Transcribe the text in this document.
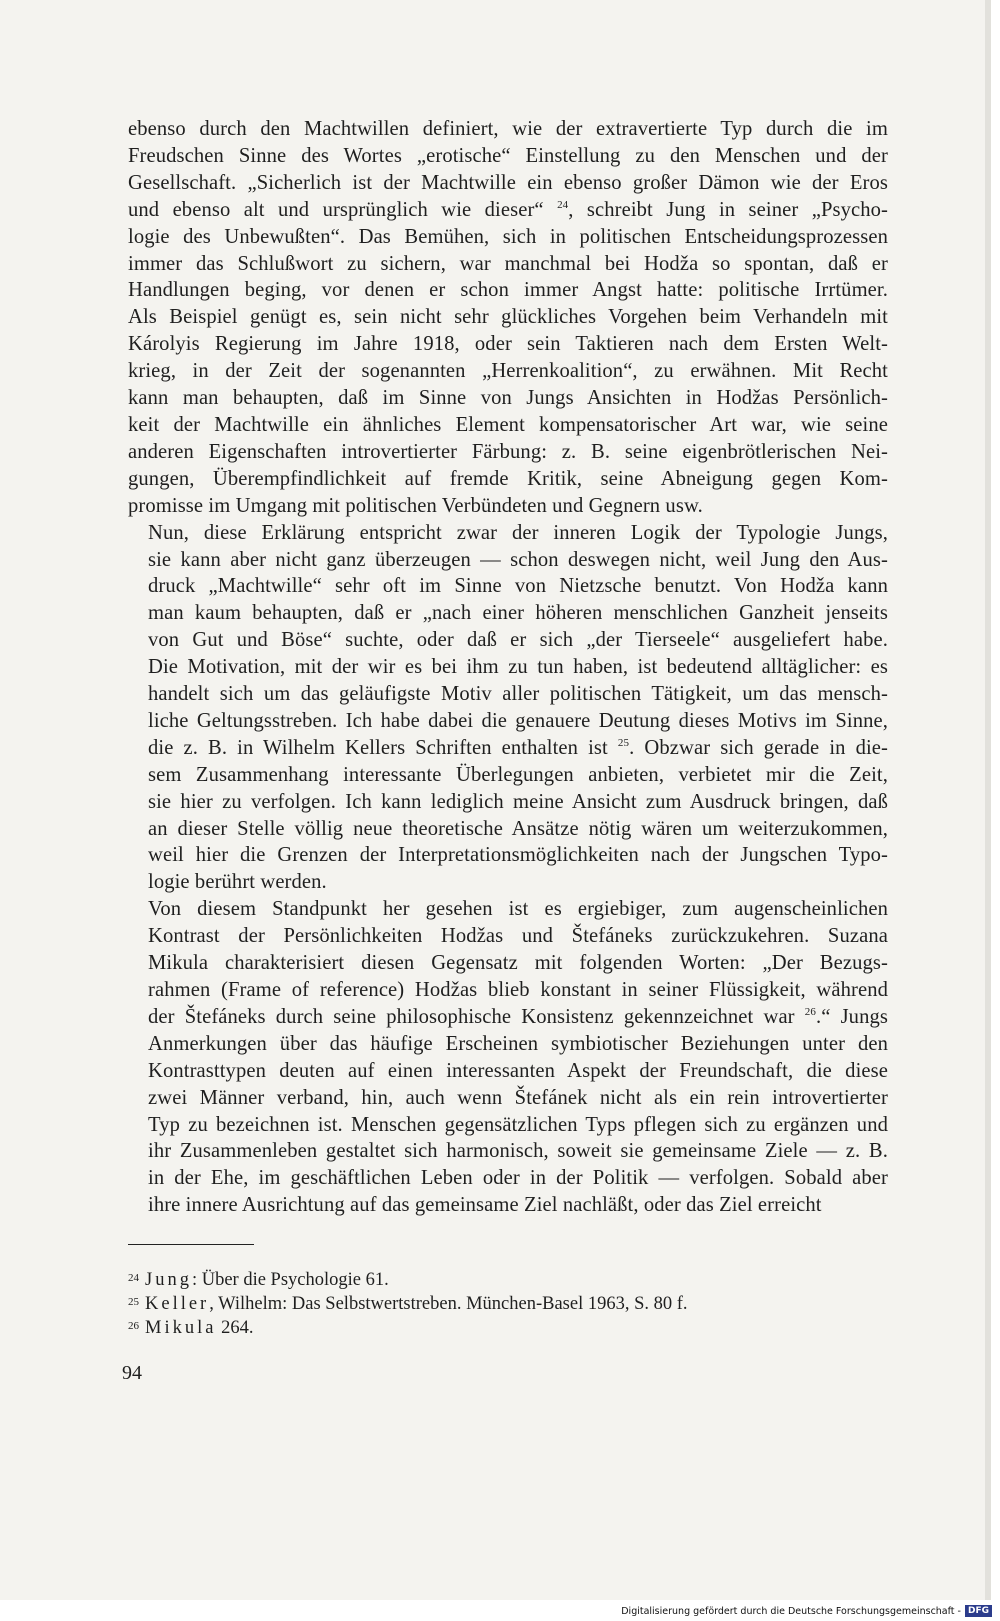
ebenso durch den Machtwillen definiert, wie der extravertierte Typ durch die im
Freudschen Sinne des Wortes „erotische“ Einstellung zu den Menschen und der
Gesellschaft. „Sicherlich ist der Machtwille ein ebenso großer Dämon wie der Eros
und ebenso alt und ursprünglich wie dieser“ $^{24}$, schreibt Jung in seiner „Psycho-
logie des Unbewußten“. Das Bemühen, sich in politischen Entscheidungsprozessen
immer das Schlußwort zu sichern, war manchmal bei Hodža so spontan, daß er
Handlungen beging, vor denen er schon immer Angst hatte: politische Irrtümer.
Als Beispiel genügt es, sein nicht sehr glückliches Vorgehen beim Verhandeln mit
Károlyis Regierung im Jahre 1918, oder sein Taktieren nach dem Ersten Welt-
krieg, in der Zeit der sogenannten „Herrenkoalition“, zu erwähnen. Mit Recht
kann man behaupten, daß im Sinne von Jungs Ansichten in Hodžas Persönlich-
keit der Machtwille ein ähnliches Element kompensatorischer Art war, wie seine
anderen Eigenschaften introvertierter Färbung: z. B. seine eigenbrötlerischen Nei-
gungen, Überempfindlichkeit auf fremde Kritik, seine Abneigung gegen Kom-
promisse im Umgang mit politischen Verbündeten und Gegnern usw.

Nun, diese Erklärung entspricht zwar der inneren Logik der Typologie Jungs,
sie kann aber nicht ganz überzeugen — schon deswegen nicht, weil Jung den Aus-
druck „Machtwille“ sehr oft im Sinne von Nietzsche benutzt. Von Hodža kann
man kaum behaupten, daß er „nach einer höheren menschlichen Ganzheit jenseits
von Gut und Böse“ suchte, oder daß er sich „der Tierseele“ ausgeliefert habe.
Die Motivation, mit der wir es bei ihm zu tun haben, ist bedeutend alltäglicher: es
handelt sich um das geläufigste Motiv aller politischen Tätigkeit, um das mensch-
liche Geltungsstreben. Ich habe dabei die genauere Deutung dieses Motivs im Sinne,
die z. B. in Wilhelm Kellers Schriften enthalten ist $^{25}$. Obzwar sich gerade in die-
sem Zusammenhang interessante Überlegungen anbieten, verbietet mir die Zeit,
sie hier zu verfolgen. Ich kann lediglich meine Ansicht zum Ausdruck bringen, daß
an dieser Stelle völlig neue theoretische Ansätze nötig wären um weiterzukommen,
weil hier die Grenzen der Interpretationsmöglichkeiten nach der Jungschen Typo-
logie berührt werden.

Von diesem Standpunkt her gesehen ist es ergiebiger, zum augenscheinlichen
Kontrast der Persönlichkeiten Hodžas und Štefáneks zurückzukehren. Suzana
Mikula charakterisiert diesen Gegensatz mit folgenden Worten: „Der Bezugs-
rahmen (Frame of reference) Hodžas blieb konstant in seiner Flüssigkeit, während
der Štefáneks durch seine philosophische Konsistenz gekennzeichnet war $^{26}$.“ Jungs
Anmerkungen über das häufige Erscheinen symbiotischer Beziehungen unter den
Kontrasttypen deuten auf einen interessanten Aspekt der Freundschaft, die diese
zwei Männer verband, hin, auch wenn Štefánek nicht als ein rein introvertierter
Typ zu bezeichnen ist. Menschen gegensätzlichen Typs pflegen sich zu ergänzen und
ihr Zusammenleben gestaltet sich harmonisch, soweit sie gemeinsame Ziele — z. B.
in der Ehe, im geschäftlichen Leben oder in der Politik — verfolgen. Sobald aber
ihre innere Ausrichtung auf das gemeinsame Ziel nachläßt, oder das Ziel erreicht

$^{24}$ Jung: Über die Psychologie 61.
$^{25}$ Keller, Wilhelm: Das Selbstwertstreben. München-Basel 1963, S. 80 f.
$^{26}$ Mikula 264.
94
Digitalisierung gefördert durch die Deutsche Forschungsgemeinschaft - DFG
